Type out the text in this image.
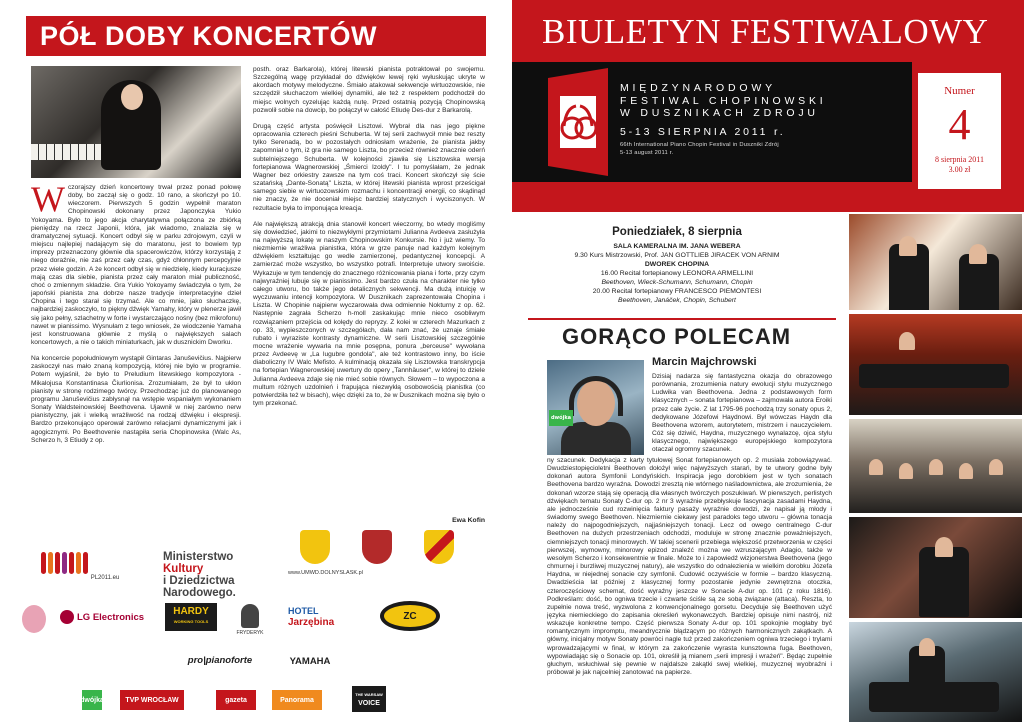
PÓŁ DOBY KONCERTÓW

Wczorajszy dzień koncertowy trwał przez ponad połowę doby, bo zaczął się o godz. 10 rano, a skończył po 10. wieczorem. Pierwszych 5 godzin wypełnił maraton Chopinowski dokonany przez Japonczyka Yukio Yokoyama. Było to jego akcja charytatywna połączona ze zbiórką pieniędzy na rzecz Japonii, która, jak wiadomo, znalazła się w dramatycznej sytuacji. Koncert odbył się w parku zdrojowym, czyli w miejscu najlepiej nadającym się do maratonu, jest to bowiem typ imprezy przeznaczony głównie dla spacerowiczów, którzy korzystają z niego doraźnie, nie zaś przez cały czas, gdyż chłonnym percepcyjnie przez wiele godzin. A że koncert odbył się w niedzielę, kiedy kuracjusze mają czas dla siebie, pianista przez cały maraton miał publiczność, choć o zmiennym składzie. Gra Yukio Yokoyamy świadczyła o tym, że japoński pianista zna dobrze nasze tradycje interpretacyjne dzieł Chopina i tego starał się trzymać. Ale co mnie, jako słuchaczkę, najbardziej zaskoczyło, to piękny dźwięk Yamahy, który w plenerze jawił się jako pełny, szlachetny w forte i wystarczająco nośny (bez mikrofonu) nawet w pianissimo. Wysnułam z tego wniosek, że wiodczenie Yamaha jest konstruowana głównie z myślą o największych salach koncertowych, a nie o takich miniaturkach, jak w dusznickim Dworku.

Na koncercie popołudniowym wystąpił Gintaras Januševičius. Najpierw zaskoczył nas mało znaną kompozycją, której nie było w programie. Potem wyjaśnił, że było to Preludium litewskiego kompozytora - Mikalojusa Konstantinasa Čiurlionisa. Zrozumiałam, że był to ukłon pianisty w stronę rodzimego twórcy. Przechodząc już do planowanego programu Januševičius zabłysnął na wstępie wspaniałym wykonaniem Sonaty Waldsteinowskiej Beethovena. Ujawnił w niej zarówno nerw pianistyczny, jak i wielką wrażliwość na rodzaj dźwięku i ekspresji. Bardzo przekonująco operował zarówno relacjami dynamicznymi jak i agogicznymi. Po Beethovenie nastąpiła seria Chopinowska (Walc As, Scherzo h, 3 Etiudy z op.

posth. oraz Barkarola), której litewski pianista potraktował po swojemu. Szczególną wagę przykładał do dźwięków lewej ręki wyłuskując ukryte w akordach motywy melodyczne. Śmiało atakował sekwencje wirtuozowskie, nie szczędził słuchaczom wielkiej dynamiki, ale też z respektem podchodził do miejsc wolnych cyzelując każdą nutę. Przed ostatnią pozycją Chopinowską pozwolił sobie na dowcip, bo połączył w całość Etiudę Des-dur z Barkarolą.

Drugą część artysta poświęcił Lisztowi. Wybrał dla nas jego piękne opracowania czterech pieśni Schuberta. W tej serii zachwycił mnie bez reszty tylko Serenadą, bo w pozostałych odniosłam wrażenie, że pianista jakby zapomniał o tym, iż gra nie samego Liszta, bo przecież również znacznie oderń subtelniejszego Schuberta. W kolejności zjawiła się Lisztowska wersja fortepianowa Wagnerowskiej „Śmierci Izoldy". I tu pomyślałam, że jednak Wagner bez orkiestry zawsze na tym coś traci. Koncert skończył się ście szatańską „Dante-Sonatą" Liszta, w której litewski pianista wprost prześcigał samego siebie w wirtuozowskim rozmachu i koncentracji energii, co skądinąd nie znaczy, że nie doceniał miejsc bardziej statycznych i wyciszonych. W rezultacie była to imponująca kreacja.

Ale największą atrakcją dnia stanowił koncert wieczorny, bo wtedy mogliśmy się dowiedzieć, jakimi to niezwykłymi przymiotami Julianna Avdeeva zasłużyła na najwyższą lokatę w naszym Chopinowskim Konkursie. No i już wiemy. To niezmiernie wrażliwa pianistka, która w grze panuje nad każdym kolejnym dźwiękiem kształtując go wedle zamierzonej, pedantycznej koncepcji. A zamierzać może wszystko, bo wszystko potrafi. Interpretuje utwory swoiście. Wykazuje w tym tendencję do znacznego różnicowania piana i forte, przy czym najwyraźniej lubuje się w pianissimo. Jest bardzo czuła na charakter nie tylko całego utworu, bo także jego detalicznych sekwencji. Ma dużą intuicję w wyczuwaniu intencji kompozytora. W Dusznikach zaprezentowała Chopina i Liszta. W Chopinie najpierw wyczarowała dwa odmiennie Nokturny z op. 62. Następnie zagrała Scherzo h-moll zaskakując mnie nieco osobliwym rozwiązaniem przejścia od kolędy do repryzy. Z kolei w czterech Mazurkach z op. 33, wypieszczonych w szczegółach, dała nam znać, że uznaje śmiałe rubato i wyraziste kontrasty dynamiczne. W serii Lisztowskiej szczególnie mocne wrażenie wywarła na mnie posępna, ponura „berceuse" wywołana przez Avdeevę w „La lugubre gondola", ale też kontrastowo inny, bo iście diaboliczny IV Walc Mefisto. A kulminacją okazała się Lisztowska transkrypcja na fortepian Wagnerowskiej uwertury do opery „Tannhäuser", w której to dziele Julianna Avdeeva zdaje się nie mieć sobie równych. Słowem – to wypoczona a multum różnych uzdolnień i frapująca niezwykłą osobowością pianistka (co potwierdziła też w bisach), więc dzięki za to, że w Dusznikach można się było o tym przekonać.

Ewa Kofin
PL2011.eu
Ministerstwo
Kultury
i Dziedzictwa
Narodowego.
www.UMWD.DOLNYSLASK.pl
LG Electronics	HARDY
WORKING TOOLS
FRYDERYK
HOTEL
Jarzębina
ZC
pro|pianoforte	YAMAHA
dwójka	TVP WROCŁAW	gazeta	Panorama
THE WARSAW
VOICE
BIULETYN FESTIWALOWY
MIĘDZYNARODOWY
FESTIWAL CHOPINOWSKI
W DUSZNIKACH ZDROJU
5-13 SIERPNIA 2011 r.
66th International Piano Chopin Festival in Duszniki Zdrój
5-13 august 2011 r.
Numer
4
8 sierpnia 2011
3.00 zł
Poniedziałek, 8 sierpnia
SALA KAMERALNA IM. JANA WEBERA
9.30 Kurs Mistrzowski, Prof. JAN GOTTLIEB JIRACEK VON ARNIM
DWOREK CHOPINA
16.00 Recital fortepianowy LEONORA ARMELLINI
Beethoven, Wieck-Schumann, Schumann, Chopin
20.00 Recital fortepianowy FRANCESCO PIEMONTESI
Beethoven, Janáček, Chopin, Schubert
GORĄCO POLECAM
Marcin Majchrowski
dwójka
Dzisiaj nadarza się fantastyczna okazja do obrazowego porównania, zrozumienia natury ewolucji stylu muzycznego Ludwika van Beethovena. Jedna z podstawowych form klasycznych – sonata fortepianowa – zajmowała autora Eroiki przez całe życie. Z lat 1795-96 pochodzą trzy sonaty opus 2, dedykowane Józefowi Haydnowi. Był wówczas Haydn dla Beethovena wzorem, autorytetem, mistrzem i nauczycielem. Cóż się dziwić, Haydna, muzycznego wynalazcę, ojca stylu klasycznego, największego europejskiego kompozytora otaczał ogromny szacunek.
ny szacunek. Dedykacja z karty tytułowej Sonat fortepianowych op. 2 musiała zobowiązywać. Dwudziestopięcioletni Beethoven dołożył więc najwyższych starań, by te utwory godne były dokonań autora Symfonii Londyńskich. Inspiracja jego dorobkiem jest w tych sonatach Beethovena bardzo wyraźna. Dowodzi zresztą nie wtórnego naśladownictwa, ale zrozumienia, że dokonań wzorze stają się operacją dla własnych twórczych poszukiwań. W pierwszych, perlistych dźwiękach tematu Sonaty C-dur op. 2 nr 3 wyraźnie przebłyskuje fascynacja zasadami Haydna, ale jednocześnie cud rozwinięcia faktury pasaży wyraźnie dowodzi, że napisał ją młody i świadomy swego Beethoven. Niezmiernie ciekawy jest paradoks tego utworu – główna tonacja należy do najpogodniejszych, najjaśniejszych tonacji. Lecz od owego centralnego C-dur Beethoven na dużych przestrzeniach odchodzi, moduluje w stronę znacznie poważniejszych, ciemniejszych tonacji minorowych. W takiej scenerii przebiega większość przetworzenia w części pierwszej, wymowny, minorowy epizod znaleźć można we wzruszającym Adagio, także w wesołym Scherzo i konsekwentnie w finale. Może to i zapowiedź wizjonerstwa Beethovena (jego chmurnej i burzliwej muzycznej natury), ale wszystko do odnalezienia w wielkim dorobku Józefa Haydna, w niejednej sonacie czy symfonii. Cudowić oczywiście w formie – bardzo klasyczną. Dwadzieścia lat później z klasycznej formy pozostanie jedynie zewnętrzna otoczka, czteroczęściowy schemat, dość wyraźny jeszcze w Sonacie A-dur op. 101 (z roku 1816). Podkreślam: dość, bo ogniwa trzecie i czwarte ściśle są ze sobą związane (attaca). Reszta, to zupełnie nowa treść, wyzwolona z konwencjonalnego gorsetu. Decyduje się Beethoven użyć języka niemieckiego do zapisania określeń wykonawczych. Bardziej opisuje nimi nastrój, niż wskazuje konkretne tempo. Część pierwsza Sonaty A-dur op. 101 spokojnie mogłaby być romantycznym impromptu, meandrycznie błądzącym po różnych harmonicznych zakątkach. A główny, inicjalny motyw Sonaty powróci nagle tuż przed zakończeniem ogniwa trzeciego i trylami wprowadzającymi w finał, w którym za zakończenie wyrasta kunsztowna fuga. Beethoven, wypowiadając się o Sonacie op. 101, określił ją mianem „serii impresji i wrażeń". Będąc zupełnie głuchym, wsłuchiwał się pewnie w najdalsze zakątki swej wielkiej, muzycznej wyobraźni i próbował je jak najcelniej zanotować na papierze.
